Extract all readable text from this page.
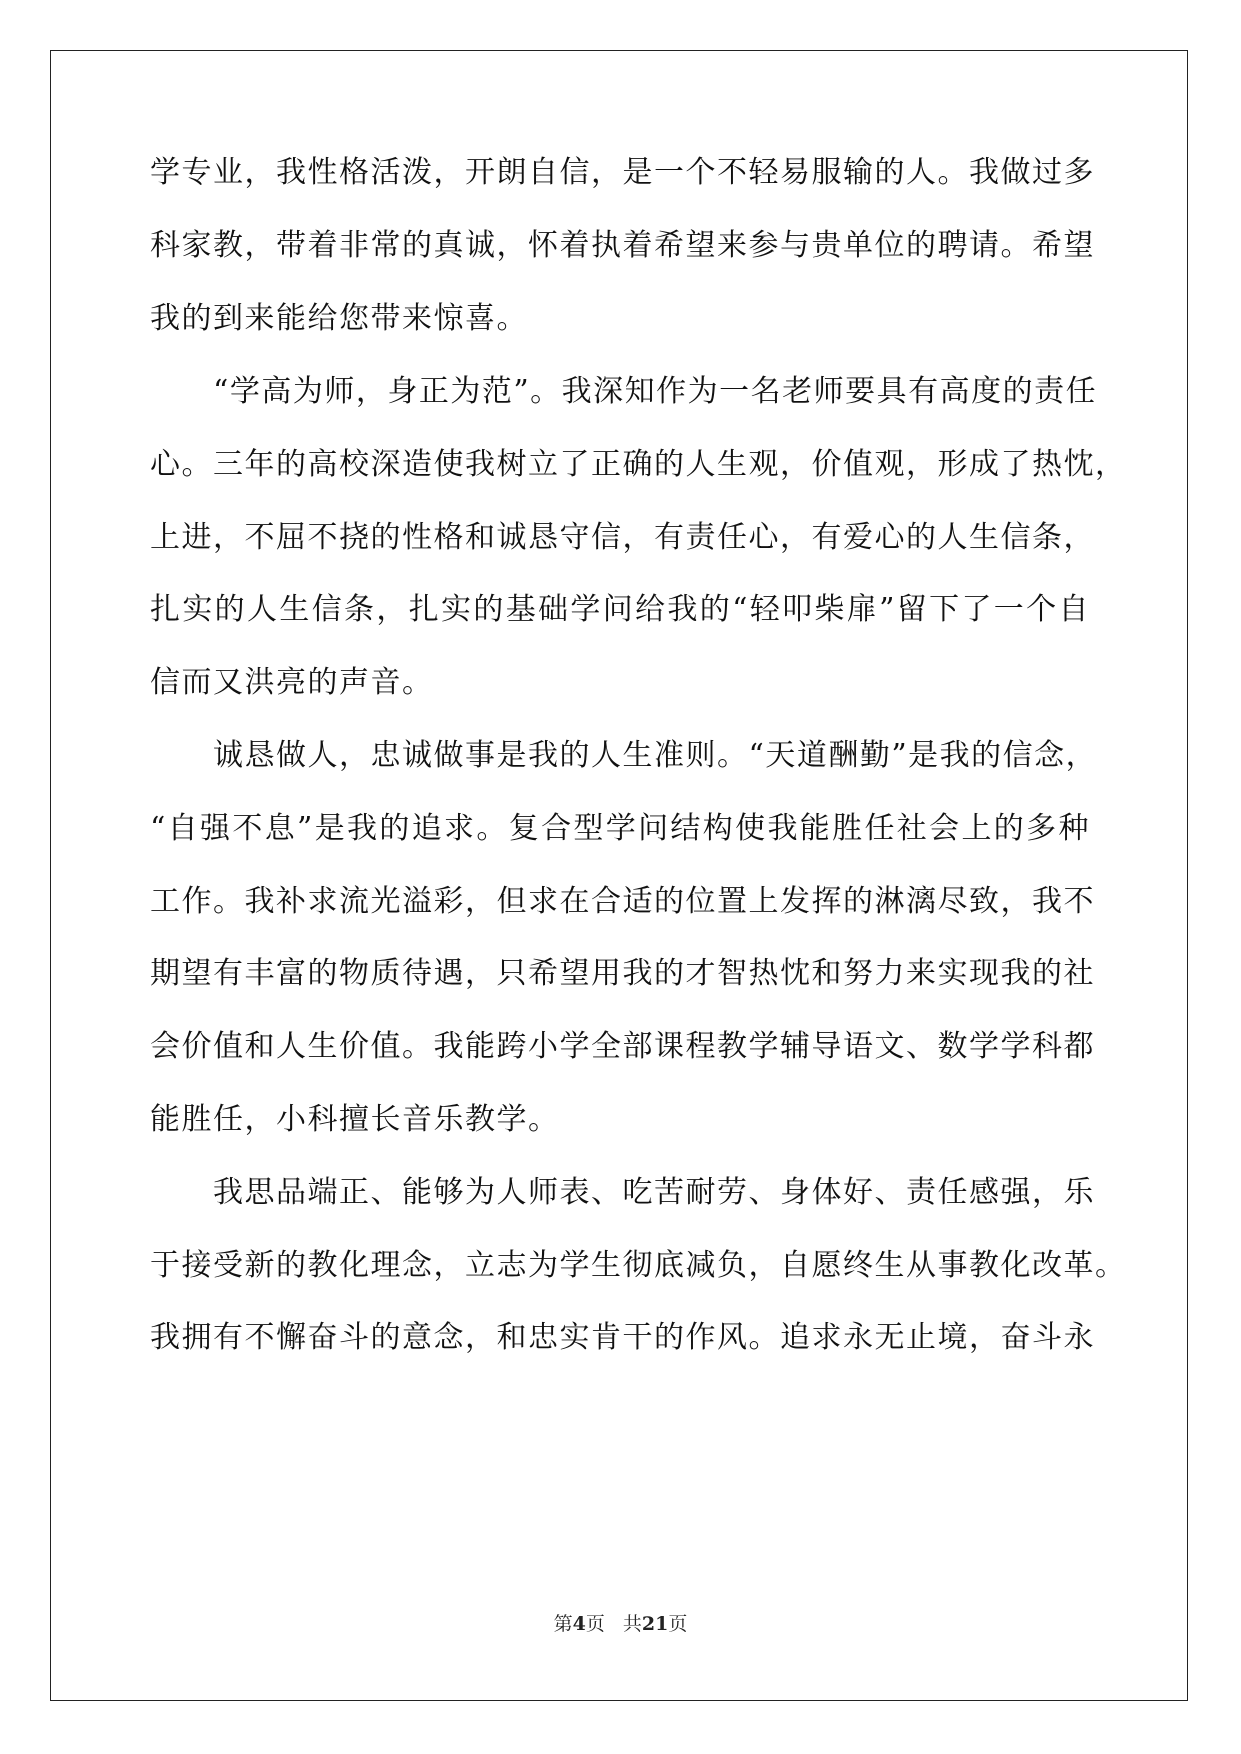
学专业，我性格活泼，开朗自信，是一个不轻易服输的人。我做过多
科家教，带着非常的真诚，怀着执着希望来参与贵单位的聘请。希望
我的到来能给您带来惊喜。
　　“学高为师，身正为范”。我深知作为一名老师要具有高度的责任
心。三年的高校深造使我树立了正确的人生观，价值观，形成了热忱，
上进，不屈不挠的性格和诚恳守信，有责任心，有爱心的人生信条，
扎实的人生信条，扎实的基础学问给我的“轻叩柴扉”留下了一个自
信而又洪亮的声音。
　　诚恳做人，忠诚做事是我的人生准则。“天道酬勤”是我的信念，
“自强不息”是我的追求。复合型学问结构使我能胜任社会上的多种
工作。我补求流光溢彩，但求在合适的位置上发挥的淋漓尽致，我不
期望有丰富的物质待遇，只希望用我的才智热忱和努力来实现我的社
会价值和人生价值。我能跨小学全部课程教学辅导语文、数学学科都
能胜任，小科擅长音乐教学。
　　我思品端正、能够为人师表、吃苦耐劳、身体好、责任感强，乐
于接受新的教化理念，立志为学生彻底减负，自愿终生从事教化改革。
我拥有不懈奋斗的意念，和忠实肯干的作风。追求永无止境，奋斗永
第4页 共21页
